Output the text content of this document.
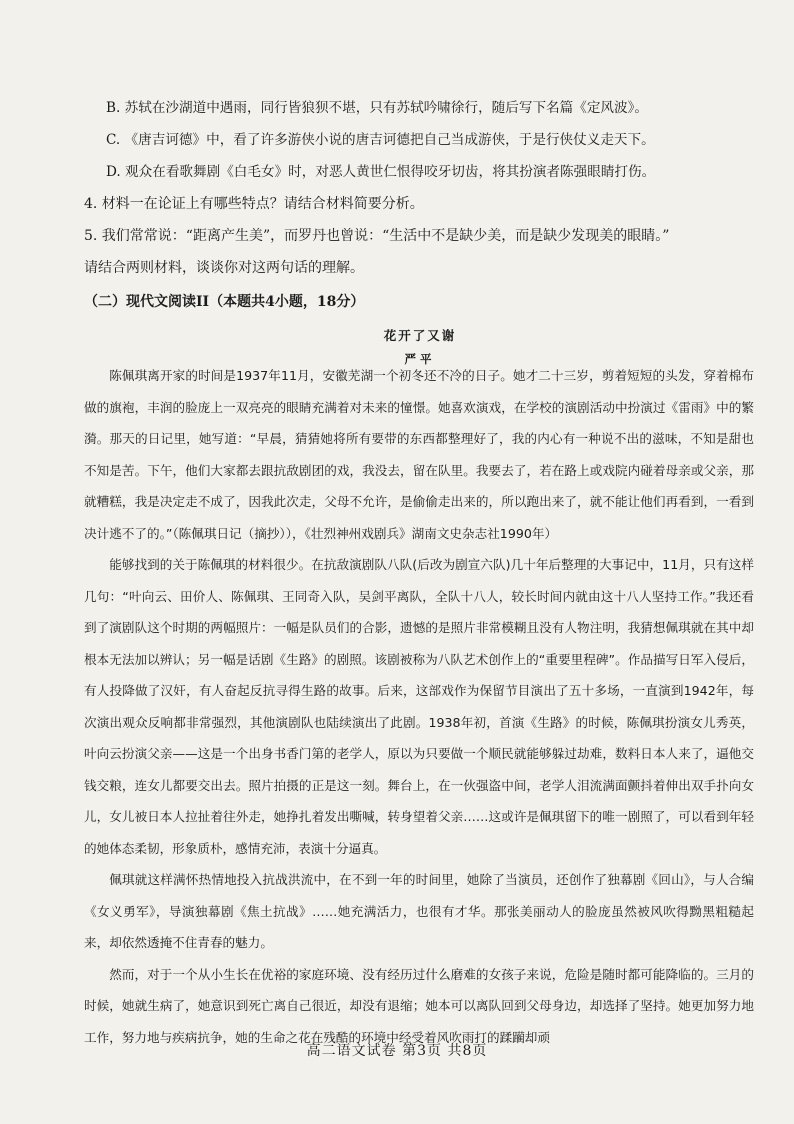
B. 苏轼在沙湖道中遇雨，同行皆狼狈不堪，只有苏轼吟啸徐行，随后写下名篇《定风波》。
C. 《唐吉诃德》中，看了许多游侠小说的唐吉诃德把自己当成游侠，于是行侠仗义走天下。
D. 观众在看歌舞剧《白毛女》时，对恶人黄世仁恨得咬牙切齿，将其扮演者陈强眼睛打伤。
4. 材料一在论证上有哪些特点？请结合材料简要分析。
5. 我们常常说：“距离产生美”，而罗丹也曾说：“生活中不是缺少美，而是缺少发现美的眼睛。”
请结合两则材料，谈谈你对这两句话的理解。
（二）现代文阅读II（本题共4小题，18分）
花开了又谢
严平

陈佩琪离开家的时间是1937年11月，安徽芜湖一个初冬还不冷的日子。她才二十三岁，剪着短短的头发，穿着棉布做的旗袍，丰润的脸庞上一双亮亮的眼睛充满着对未来的憧憬。她喜欢演戏，在学校的演剧活动中扮演过《雷雨》中的繁漪。那天的日记里，她写道：“早晨，猜猜她将所有要带的东西都整理好了，我的内心有一种说不出的滋味，不知是甜也不知是苦。下午，他们大家都去跟抗敌剧团的戏，我没去，留在队里。我要去了，若在路上或戏院内碰着母亲或父亲，那就糟糕，我是决定走不成了，因我此次走，父母不允许，是偷偷走出来的，所以跑出来了，就不能让他们再看到，一看到决计逃不了的。”（陈佩琪日记（摘抄）），《壮烈神州戏剧兵》湖南文史杂志社1990年）

能够找到的关于陈佩琪的材料很少。在抗敌演剧队八队(后改为剧宣六队)几十年后整理的大事记中，11月，只有这样几句：“叶向云、田价人、陈佩琪、王同奇入队，吴剑平离队，全队十八人，较长时间内就由这十八人坚持工作。”我还看到了演剧队这个时期的两幅照片：一幅是队员们的合影，遗憾的是照片非常模糊且没有人物注明，我猜想佩琪就在其中却根本无法加以辨认；另一幅是话剧《生路》的剧照。该剧被称为八队艺术创作上的“重要里程碑”。作品描写日军入侵后，有人投降做了汉奸，有人奋起反抗寻得生路的故事。后来，这部戏作为保留节目演出了五十多场，一直演到1942年，每次演出观众反响都非常强烈，其他演剧队也陆续演出了此剧。1938年初，首演《生路》的时候，陈佩琪扮演女儿秀英，叶向云扮演父亲——这是一个出身书香门第的老学人，原以为只要做一个顺民就能够躲过劫难，数料日本人来了，逼他交钱交粮，连女儿都要交出去。照片拍摄的正是这一刻。舞台上，在一伙强盗中间，老学人泪流满面颤抖着伸出双手扑向女儿，女儿被日本人拉扯着往外走，她挣扎着发出嘶喊，转身望着父亲……这或许是佩琪留下的唯一剧照了，可以看到年轻的她体态柔韧，形象质朴，感情充沛，表演十分逼真。

佩琪就这样满怀热情地投入抗战洪流中，在不到一年的时间里，她除了当演员，还创作了独幕剧《回山》，与人合编《女义勇军》，导演独幕剧《焦土抗战》……她充满活力，也很有才华。那张美丽动人的脸庞虽然被风吹得黝黑粗糙起来，却依然透掩不住青春的魅力。

然而，对于一个从小生长在优裕的家庭环境、没有经历过什么磨难的女孩子来说，危险是随时都可能降临的。三月的时候，她就生病了，她意识到死亡离自己很近，却没有退缩；她本可以离队回到父母身边，却选择了坚持。她更加努力地工作，努力地与疾病抗争，她的生命之花在残酷的环境中经受着风吹雨打的蹂躏却顽

高二语文试卷 第3页 共8页
